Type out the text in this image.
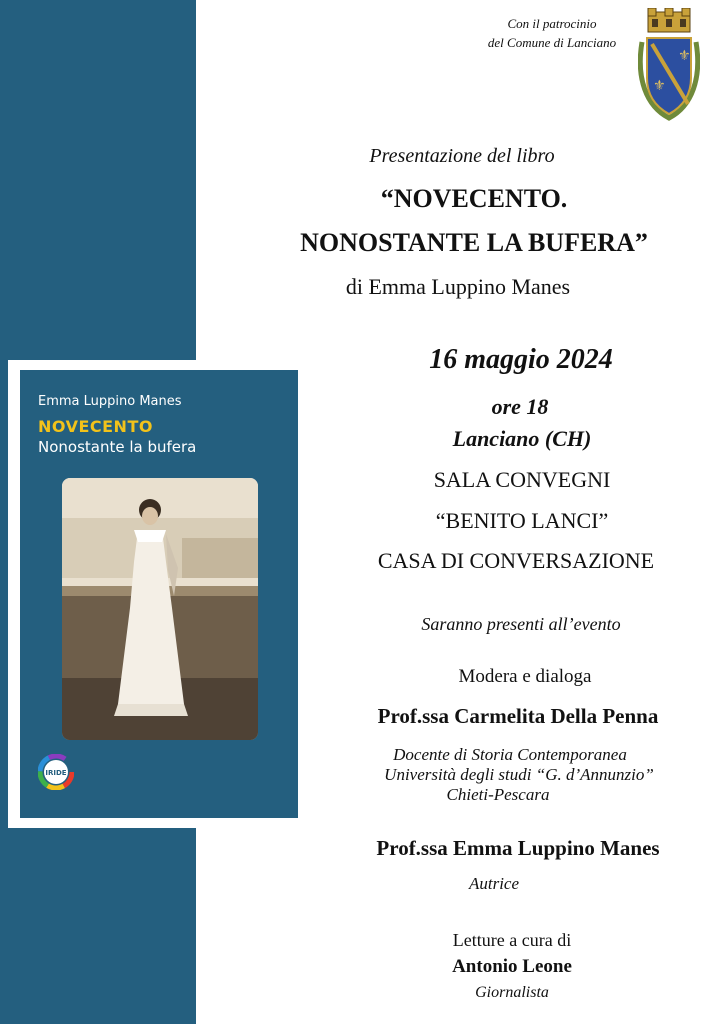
Con il patrocinio
del Comune di Lanciano
⚜
⚜
Presentazione del libro
“NOVECENTO.
NONOSTANTE LA BUFERA”
di Emma Luppino Manes
16 maggio 2024
ore 18
Lanciano (CH)
SALA CONVEGNI
“BENITO LANCI”
CASA DI CONVERSAZIONE
Saranno presenti all’evento
Modera e dialoga
Prof.ssa Carmelita Della Penna
Docente di Storia Contemporanea
Università degli studi “G. d’Annunzio”
Chieti-Pescara
Prof.ssa Emma Luppino Manes
Autrice
Letture a cura di
Antonio Leone
Giornalista
Emma Luppino Manes
NOVECENTO
Nonostante la bufera
IRIDE
